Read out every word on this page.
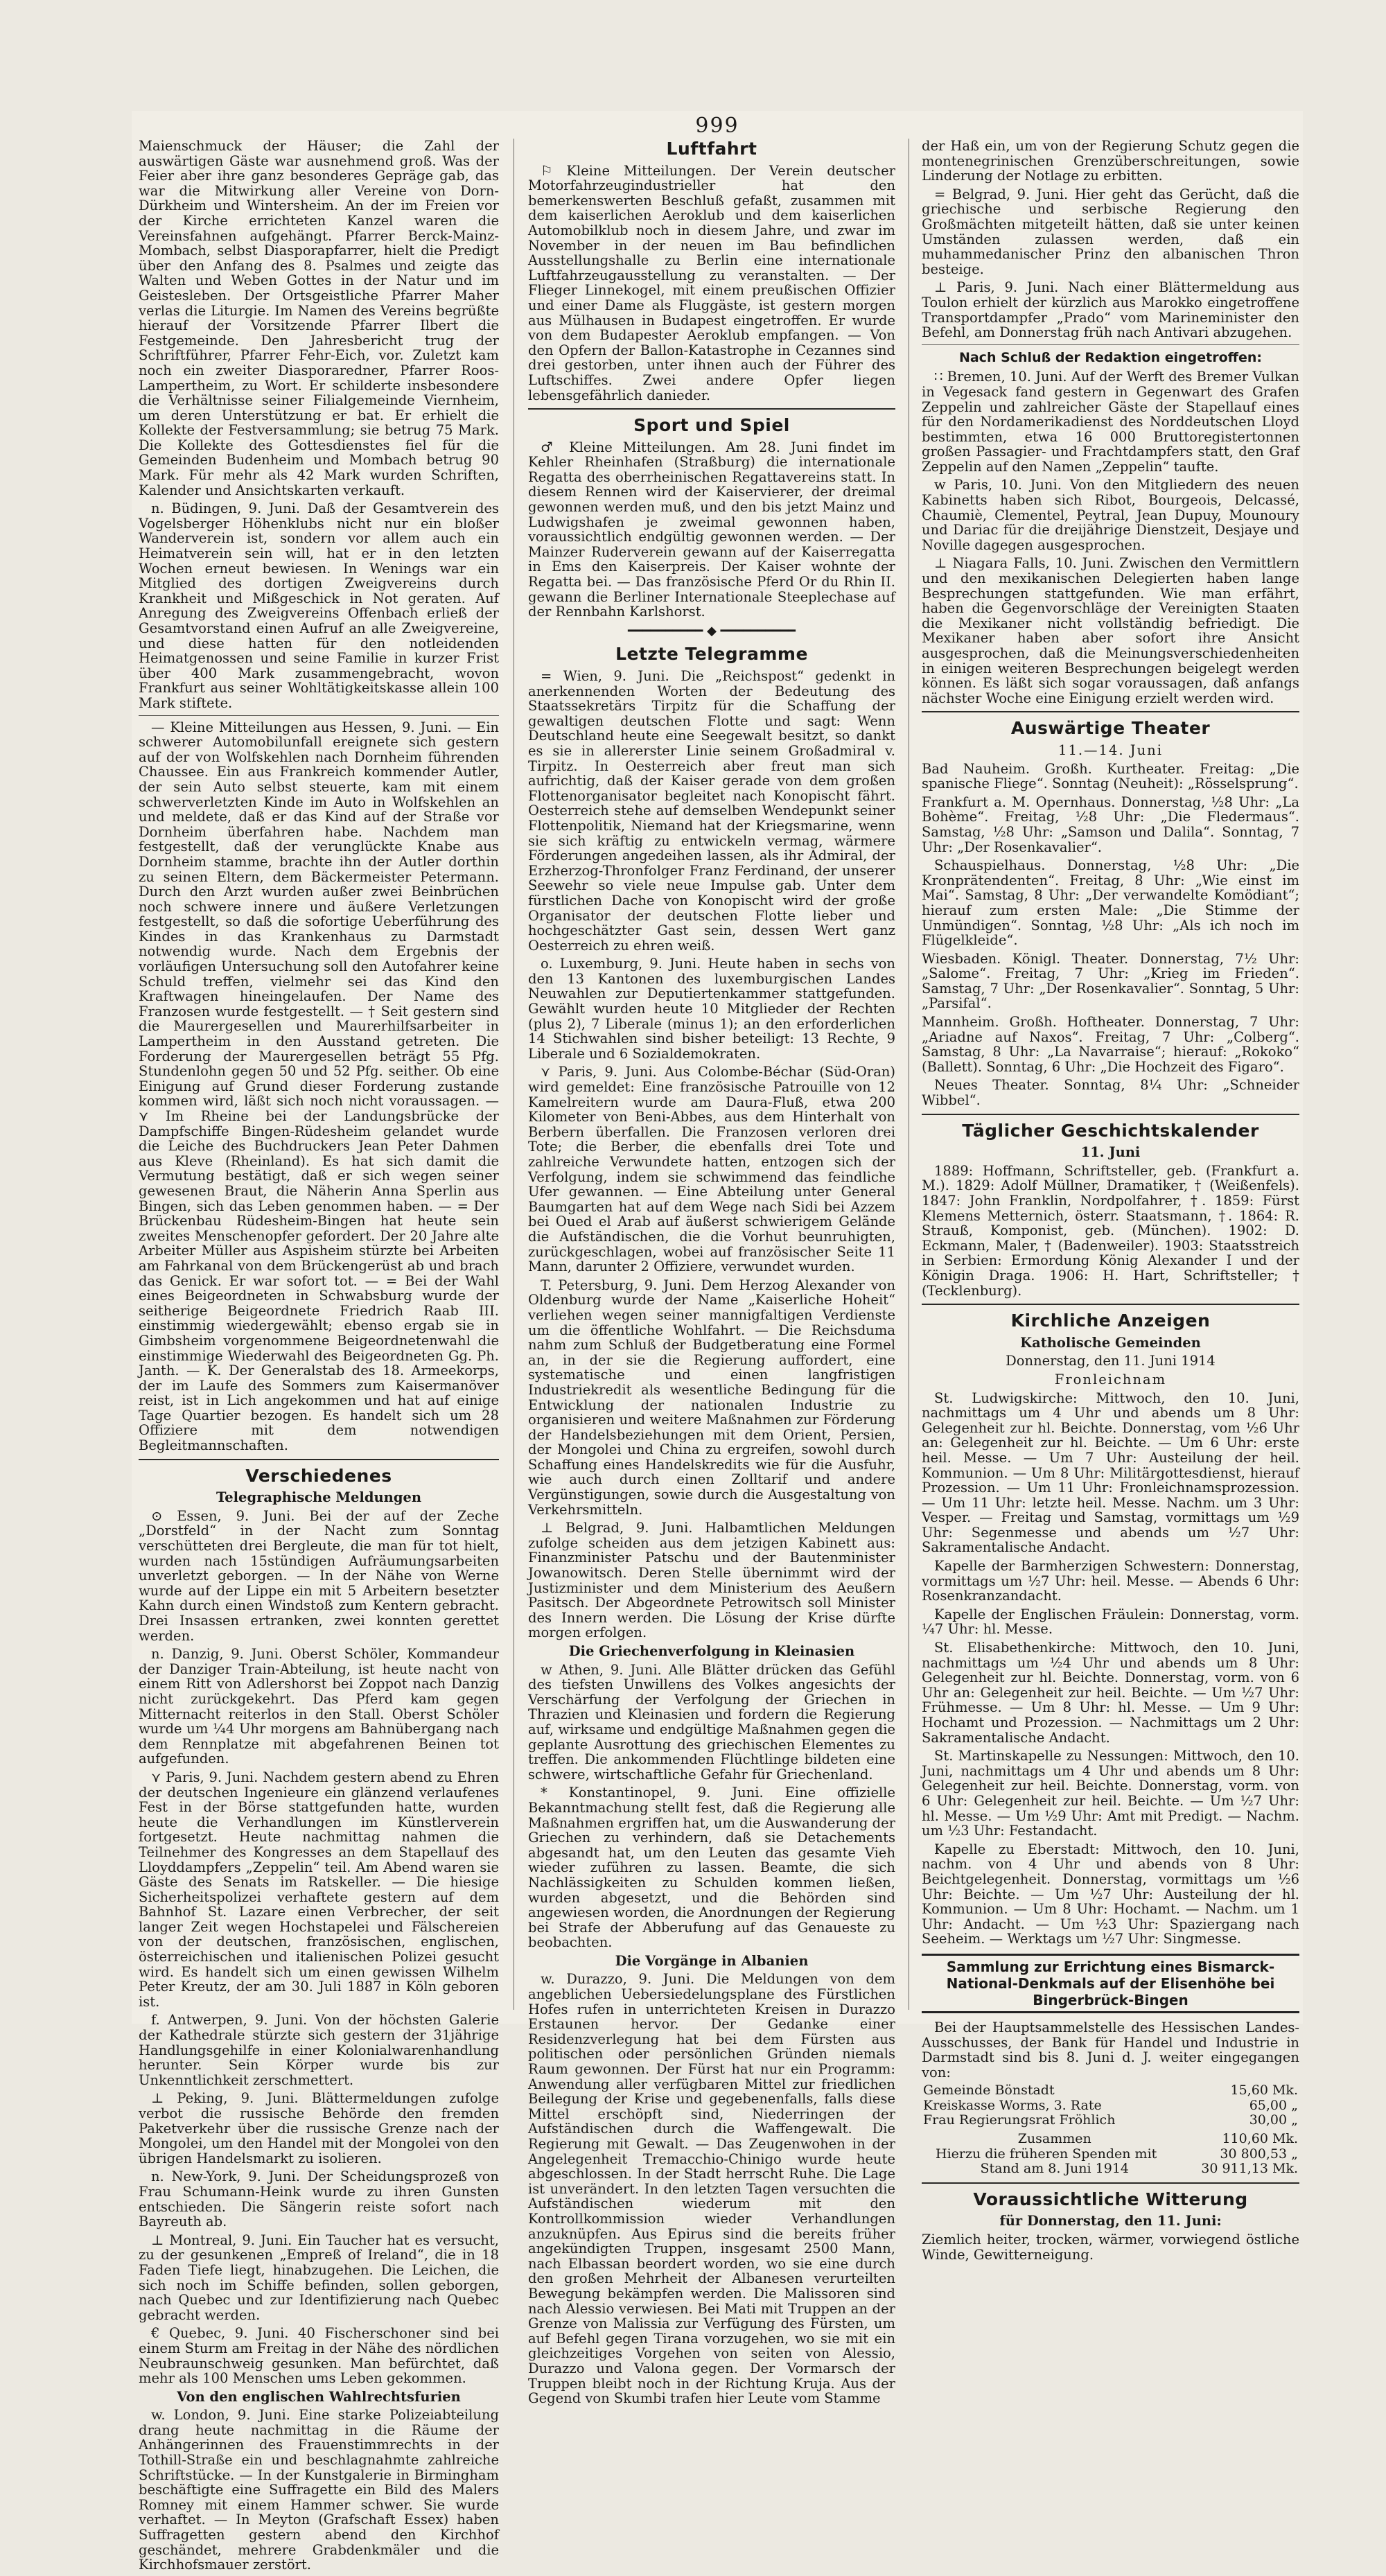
999

Maienschmuck der Häuser; die Zahl der auswärtigen Gäste war ausnehmend groß. Was der Feier aber ihre ganz besonderes Gepräge gab, das war die Mitwirkung aller Vereine von Dorn-Dürkheim und Wintersheim. An der im Freien vor der Kirche errichteten Kanzel waren die Vereinsfahnen aufgehängt. Pfarrer Berck-Mainz-Mombach, selbst Diasporapfarrer, hielt die Predigt über den Anfang des 8. Psalmes und zeigte das Walten und Weben Gottes in der Natur und im Geistesleben. Der Ortsgeistliche Pfarrer Maher verlas die Liturgie. Im Namen des Vereins begrüßte hierauf der Vorsitzende Pfarrer Ilbert die Festgemeinde. Den Jahresbericht trug der Schriftführer, Pfarrer Fehr-Eich, vor. Zuletzt kam noch ein zweiter Diasporaredner, Pfarrer Roos-Lampertheim, zu Wort. Er schilderte insbesondere die Verhältnisse seiner Filialgemeinde Viernheim, um deren Unterstützung er bat. Er erhielt die Kollekte der Festversammlung; sie betrug 75 Mark. Die Kollekte des Gottesdienstes fiel für die Gemeinden Budenheim und Mombach betrug 90 Mark. Für mehr als 42 Mark wurden Schriften, Kalender und Ansichtskarten verkauft.

n. Büdingen, 9. Juni. Daß der Gesamtverein des Vogelsberger Höhenklubs nicht nur ein bloßer Wanderverein ist, sondern vor allem auch ein Heimatverein sein will, hat er in den letzten Wochen erneut bewiesen. In Wenings war ein Mitglied des dortigen Zweigvereins durch Krankheit und Mißgeschick in Not geraten. Auf Anregung des Zweigvereins Offenbach erließ der Gesamtvorstand einen Aufruf an alle Zweigvereine, und diese hatten für den notleidenden Heimatgenossen und seine Familie in kurzer Frist über 400 Mark zusammengebracht, wovon Frankfurt aus seiner Wohltätigkeitskasse allein 100 Mark stiftete.

— Kleine Mitteilungen aus Hessen, 9. Juni. — Ein schwerer Automobilunfall ereignete sich gestern auf der von Wolfskehlen nach Dornheim führenden Chaussee. Ein aus Frankreich kommender Autler, der sein Auto selbst steuerte, kam mit einem schwerverletzten Kinde im Auto in Wolfskehlen an und meldete, daß er das Kind auf der Straße vor Dornheim überfahren habe. Nachdem man festgestellt, daß der verunglückte Knabe aus Dornheim stamme, brachte ihn der Autler dorthin zu seinen Eltern, dem Bäckermeister Petermann. Durch den Arzt wurden außer zwei Beinbrüchen noch schwere innere und äußere Verletzungen festgestellt, so daß die sofortige Ueberführung des Kindes in das Krankenhaus zu Darmstadt notwendig wurde. Nach dem Ergebnis der vorläufigen Untersuchung soll den Autofahrer keine Schuld treffen, vielmehr sei das Kind den Kraftwagen hineingelaufen. Der Name des Franzosen wurde festgestellt. — † Seit gestern sind die Maurergesellen und Maurerhilfsarbeiter in Lampertheim in den Ausstand getreten. Die Forderung der Maurergesellen beträgt 55 Pfg. Stundenlohn gegen 50 und 52 Pfg. seither. Ob eine Einigung auf Grund dieser Forderung zustande kommen wird, läßt sich noch nicht voraussagen. — ⋎ Im Rheine bei der Landungsbrücke der Dampfschiffe Bingen-Rüdesheim gelandet wurde die Leiche des Buchdruckers Jean Peter Dahmen aus Kleve (Rheinland). Es hat sich damit die Vermutung bestätigt, daß er sich wegen seiner gewesenen Braut, die Näherin Anna Sperlin aus Bingen, sich das Leben genommen haben. — = Der Brückenbau Rüdesheim-Bingen hat heute sein zweites Menschenopfer gefordert. Der 20 Jahre alte Arbeiter Müller aus Aspisheim stürzte bei Arbeiten am Fahrkanal von dem Brückengerüst ab und brach das Genick. Er war sofort tot. — = Bei der Wahl eines Beigeordneten in Schwabsburg wurde der seitherige Beigeordnete Friedrich Raab III. einstimmig wiedergewählt; ebenso ergab sie in Gimbsheim vorgenommene Beigeordnetenwahl die einstimmige Wiederwahl des Beigeordneten Gg. Ph. Janth. — K. Der Generalstab des 18. Armeekorps, der im Laufe des Sommers zum Kaisermanöver reist, ist in Lich angekommen und hat auf einige Tage Quartier bezogen. Es handelt sich um 28 Offiziere mit dem notwendigen Begleitmannschaften.

Verschiedenes
Telegraphische Meldungen

⊙ Essen, 9. Juni. Bei der auf der Zeche „Dorstfeld“ in der Nacht zum Sonntag verschütteten drei Bergleute, die man für tot hielt, wurden nach 15stündigen Aufräumungsarbeiten unverletzt geborgen. — In der Nähe von Werne wurde auf der Lippe ein mit 5 Arbeitern besetzter Kahn durch einen Windstoß zum Kentern gebracht. Drei Insassen ertranken, zwei konnten gerettet werden.

n. Danzig, 9. Juni. Oberst Schöler, Kommandeur der Danziger Train-Abteilung, ist heute nacht von einem Ritt von Adlershorst bei Zoppot nach Danzig nicht zurückgekehrt. Das Pferd kam gegen Mitternacht reiterlos in den Stall. Oberst Schöler wurde um ¼4 Uhr morgens am Bahnübergang nach dem Rennplatze mit abgefahrenen Beinen tot aufgefunden.

⋎ Paris, 9. Juni. Nachdem gestern abend zu Ehren der deutschen Ingenieure ein glänzend verlaufenes Fest in der Börse stattgefunden hatte, wurden heute die Verhandlungen im Künstlerverein fortgesetzt. Heute nachmittag nahmen die Teilnehmer des Kongresses an dem Stapellauf des Lloyddampfers „Zeppelin“ teil. Am Abend waren sie Gäste des Senats im Ratskeller. — Die hiesige Sicherheitspolizei verhaftete gestern auf dem Bahnhof St. Lazare einen Verbrecher, der seit langer Zeit wegen Hochstapelei und Fälschereien von der deutschen, französischen, englischen, österreichischen und italienischen Polizei gesucht wird. Es handelt sich um einen gewissen Wilhelm Peter Kreutz, der am 30. Juli 1887 in Köln geboren ist.

f. Antwerpen, 9. Juni. Von der höchsten Galerie der Kathedrale stürzte sich gestern der 31jährige Handlungsgehilfe in einer Kolonialwarenhandlung herunter. Sein Körper wurde bis zur Unkenntlichkeit zerschmettert.

⊥ Peking, 9. Juni. Blättermeldungen zufolge verbot die russische Behörde den fremden Paketverkehr über die russische Grenze nach der Mongolei, um den Handel mit der Mongolei von den übrigen Handelsmarkt zu isolieren.

n. New-York, 9. Juni. Der Scheidungsprozeß von Frau Schumann-Heink wurde zu ihren Gunsten entschieden. Die Sängerin reiste sofort nach Bayreuth ab.

⊥ Montreal, 9. Juni. Ein Taucher hat es versucht, zu der gesunkenen „Empreß of Ireland“, die in 18 Faden Tiefe liegt, hinabzugehen. Die Leichen, die sich noch im Schiffe befinden, sollen geborgen, nach Quebec und zur Identifizierung nach Quebec gebracht werden.

€ Quebec, 9. Juni. 40 Fischerschoner sind bei einem Sturm am Freitag in der Nähe des nördlichen Neubraunschweig gesunken. Man befürchtet, daß mehr als 100 Menschen ums Leben gekommen.

Von den englischen Wahlrechtsfurien

w. London, 9. Juni. Eine starke Polizeiabteilung drang heute nachmittag in die Räume der Anhängerinnen des Frauenstimmrechts in der Tothill-Straße ein und beschlagnahmte zahlreiche Schriftstücke. — In der Kunstgalerie in Birmingham beschäftigte eine Suffragette ein Bild des Malers Romney mit einem Hammer schwer. Sie wurde verhaftet. — In Meyton (Grafschaft Essex) haben Suffragetten gestern abend den Kirchhof geschändet, mehrere Grabdenkmäler und die Kirchhofsmauer zerstört.

Luftfahrt

⚐ Kleine Mitteilungen. Der Verein deutscher Motorfahrzeugindustrieller hat den bemerkenswerten Beschluß gefaßt, zusammen mit dem kaiserlichen Aeroklub und dem kaiserlichen Automobilklub noch in diesem Jahre, und zwar im November in der neuen im Bau befindlichen Ausstellungshalle zu Berlin eine internationale Luftfahrzeugausstellung zu veranstalten. — Der Flieger Linnekogel, mit einem preußischen Offizier und einer Dame als Fluggäste, ist gestern morgen aus Mülhausen in Budapest eingetroffen. Er wurde von dem Budapester Aeroklub empfangen. — Von den Opfern der Ballon-Katastrophe in Cezannes sind drei gestorben, unter ihnen auch der Führer des Luftschiffes. Zwei andere Opfer liegen lebensgefährlich danieder.

Sport und Spiel

♂ Kleine Mitteilungen. Am 28. Juni findet im Kehler Rheinhafen (Straßburg) die internationale Regatta des oberrheinischen Regattavereins statt. In diesem Rennen wird der Kaiservierer, der dreimal gewonnen werden muß, und den bis jetzt Mainz und Ludwigshafen je zweimal gewonnen haben, voraussichtlich endgültig gewonnen werden. — Der Mainzer Ruderverein gewann auf der Kaiserregatta in Ems den Kaiserpreis. Der Kaiser wohnte der Regatta bei. — Das französische Pferd Or du Rhin II. gewann die Berliner Internationale Steeplechase auf der Rennbahn Karlshorst.

━━━━━━━━━━ ◆ ━━━━━━━━━━
Letzte Telegramme

= Wien, 9. Juni. Die „Reichspost“ gedenkt in anerkennenden Worten der Bedeutung des Staatssekretärs Tirpitz für die Schaffung der gewaltigen deutschen Flotte und sagt: Wenn Deutschland heute eine Seegewalt besitzt, so dankt es sie in allererster Linie seinem Großadmiral v. Tirpitz. In Oesterreich aber freut man sich aufrichtig, daß der Kaiser gerade von dem großen Flottenorganisator begleitet nach Konopischt fährt. Oesterreich stehe auf demselben Wendepunkt seiner Flottenpolitik, Niemand hat der Kriegsmarine, wenn sie sich kräftig zu entwickeln vermag, wärmere Förderungen angedeihen lassen, als ihr Admiral, der Erzherzog-Thronfolger Franz Ferdinand, der unserer Seewehr so viele neue Impulse gab. Unter dem fürstlichen Dache von Konopischt wird der große Organisator der deutschen Flotte lieber und hochgeschätzter Gast sein, dessen Wert ganz Oesterreich zu ehren weiß.

o. Luxemburg, 9. Juni. Heute haben in sechs von den 13 Kantonen des luxemburgischen Landes Neuwahlen zur Deputiertenkammer stattgefunden. Gewählt wurden heute 10 Mitglieder der Rechten (plus 2), 7 Liberale (minus 1); an den erforderlichen 14 Stichwahlen sind bisher beteiligt: 13 Rechte, 9 Liberale und 6 Sozialdemokraten.

⋎ Paris, 9. Juni. Aus Colombe-Béchar (Süd-Oran) wird gemeldet: Eine französische Patrouille von 12 Kamelreitern wurde am Daura-Fluß, etwa 200 Kilometer von Beni-Abbes, aus dem Hinterhalt von Berbern überfallen. Die Franzosen verloren drei Tote; die Berber, die ebenfalls drei Tote und zahlreiche Verwundete hatten, entzogen sich der Verfolgung, indem sie schwimmend das feindliche Ufer gewannen. — Eine Abteilung unter General Baumgarten hat auf dem Wege nach Sidi bei Azzem bei Oued el Arab auf äußerst schwierigem Gelände die Aufständischen, die die Vorhut beunruhigten, zurückgeschlagen, wobei auf französischer Seite 11 Mann, darunter 2 Offiziere, verwundet wurden.

T. Petersburg, 9. Juni. Dem Herzog Alexander von Oldenburg wurde der Name „Kaiserliche Hoheit“ verliehen wegen seiner mannigfaltigen Verdienste um die öffentliche Wohlfahrt. — Die Reichsduma nahm zum Schluß der Budgetberatung eine Formel an, in der sie die Regierung auffordert, eine systematische und einen langfristigen Industriekredit als wesentliche Bedingung für die Entwicklung der nationalen Industrie zu organisieren und weitere Maßnahmen zur Förderung der Handelsbeziehungen mit dem Orient, Persien, der Mongolei und China zu ergreifen, sowohl durch Schaffung eines Handelskredits wie für die Ausfuhr, wie auch durch einen Zolltarif und andere Vergünstigungen, sowie durch die Ausgestaltung von Verkehrsmitteln.

⊥ Belgrad, 9. Juni. Halbamtlichen Meldungen zufolge scheiden aus dem jetzigen Kabinett aus: Finanzminister Patschu und der Bautenminister Jowanowitsch. Deren Stelle übernimmt wird der Justizminister und dem Ministerium des Aeußern Pasitsch. Der Abgeordnete Petrowitsch soll Minister des Innern werden. Die Lösung der Krise dürfte morgen erfolgen.

Die Griechenverfolgung in Kleinasien

w Athen, 9. Juni. Alle Blätter drücken das Gefühl des tiefsten Unwillens des Volkes angesichts der Verschärfung der Verfolgung der Griechen in Thrazien und Kleinasien und fordern die Regierung auf, wirksame und endgültige Maßnahmen gegen die geplante Ausrottung des griechischen Elementes zu treffen. Die ankommenden Flüchtlinge bildeten eine schwere, wirtschaftliche Gefahr für Griechenland.

* Konstantinopel, 9. Juni. Eine offizielle Bekanntmachung stellt fest, daß die Regierung alle Maßnahmen ergriffen hat, um die Auswanderung der Griechen zu verhindern, daß sie Detachements abgesandt hat, um den Leuten das gesamte Vieh wieder zuführen zu lassen. Beamte, die sich Nachlässigkeiten zu Schulden kommen ließen, wurden abgesetzt, und die Behörden sind angewiesen worden, die Anordnungen der Regierung bei Strafe der Abberufung auf das Genaueste zu beobachten.

Die Vorgänge in Albanien

w. Durazzo, 9. Juni. Die Meldungen von dem angeblichen Uebersiedelungsplane des Fürstlichen Hofes rufen in unterrichteten Kreisen in Durazzo Erstaunen hervor. Der Gedanke einer Residenzverlegung hat bei dem Fürsten aus politischen oder persönlichen Gründen niemals Raum gewonnen. Der Fürst hat nur ein Programm: Anwendung aller verfügbaren Mittel zur friedlichen Beilegung der Krise und gegebenenfalls, falls diese Mittel erschöpft sind, Niederringen der Aufständischen durch die Waffengewalt. Die Regierung mit Gewalt. — Das Zeugenwohen in der Angelegenheit Tremacchio-Chinigo wurde heute abgeschlossen. In der Stadt herrscht Ruhe. Die Lage ist unverändert. In den letzten Tagen versuchten die Aufständischen wiederum mit den Kontrollkommission wieder Verhandlungen anzuknüpfen. Aus Epirus sind die bereits früher angekündigten Truppen, insgesamt 2500 Mann, nach Elbassan beordert worden, wo sie eine durch den großen Mehrheit der Albanesen verurteilten Bewegung bekämpfen werden. Die Malissoren sind nach Alessio verwiesen. Bei Mati mit Truppen an der Grenze von Malissia zur Verfügung des Fürsten, um auf Befehl gegen Tirana vorzugehen, wo sie mit ein gleichzeitiges Vorgehen von seiten von Alessio, Durazzo und Valona gegen. Der Vormarsch der Truppen bleibt noch in der Richtung Kruja. Aus der Gegend von Skumbi trafen hier Leute vom Stamme

der Haß ein, um von der Regierung Schutz gegen die montenegrinischen Grenzüberschreitungen, sowie Linderung der Notlage zu erbitten.

= Belgrad, 9. Juni. Hier geht das Gerücht, daß die griechische und serbische Regierung den Großmächten mitgeteilt hätten, daß sie unter keinen Umständen zulassen werden, daß ein muhammedanischer Prinz den albanischen Thron besteige.

⊥ Paris, 9. Juni. Nach einer Blättermeldung aus Toulon erhielt der kürzlich aus Marokko eingetroffene Transportdampfer „Prado“ vom Marineminister den Befehl, am Donnerstag früh nach Antivari abzugehen.

Nach Schluß der Redaktion eingetroffen:

∷ Bremen, 10. Juni. Auf der Werft des Bremer Vulkan in Vegesack fand gestern in Gegenwart des Grafen Zeppelin und zahlreicher Gäste der Stapellauf eines für den Nordamerikadienst des Norddeutschen Lloyd bestimmten, etwa 16 000 Bruttoregistertonnen großen Passagier- und Frachtdampfers statt, den Graf Zeppelin auf den Namen „Zeppelin“ taufte.

w Paris, 10. Juni. Von den Mitgliedern des neuen Kabinetts haben sich Ribot, Bourgeois, Delcassé, Chaumiè, Clementel, Peytral, Jean Dupuy, Mounoury und Dariac für die dreijährige Dienstzeit, Desjaye und Noville dagegen ausgesprochen.

⊥ Niagara Falls, 10. Juni. Zwischen den Vermittlern und den mexikanischen Delegierten haben lange Besprechungen stattgefunden. Wie man erfährt, haben die Gegenvorschläge der Vereinigten Staaten die Mexikaner nicht vollständig befriedigt. Die Mexikaner haben aber sofort ihre Ansicht ausgesprochen, daß die Meinungsverschiedenheiten in einigen weiteren Besprechungen beigelegt werden können. Es läßt sich sogar voraussagen, daß anfangs nächster Woche eine Einigung erzielt werden wird.

Auswärtige Theater
11.—14. Juni

Bad Nauheim. Großh. Kurtheater. Freitag: „Die spanische Fliege“. Sonntag (Neuheit): „Rösselsprung“.

Frankfurt a. M. Opernhaus. Donnerstag, ½8 Uhr: „La Bohème“. Freitag, ½8 Uhr: „Die Fledermaus“. Samstag, ½8 Uhr: „Samson und Dalila“. Sonntag, 7 Uhr: „Der Rosenkavalier“.

Schauspielhaus. Donnerstag, ½8 Uhr: „Die Kronprätendenten“. Freitag, 8 Uhr: „Wie einst im Mai“. Samstag, 8 Uhr: „Der verwandelte Komödiant“; hierauf zum ersten Male: „Die Stimme der Unmündigen“. Sonntag, ½8 Uhr: „Als ich noch im Flügelkleide“.

Wiesbaden. Königl. Theater. Donnerstag, 7½ Uhr: „Salome“. Freitag, 7 Uhr: „Krieg im Frieden“. Samstag, 7 Uhr: „Der Rosenkavalier“. Sonntag, 5 Uhr: „Parsifal“.

Mannheim. Großh. Hoftheater. Donnerstag, 7 Uhr: „Ariadne auf Naxos“. Freitag, 7 Uhr: „Colberg“. Samstag, 8 Uhr: „La Navarraise“; hierauf: „Rokoko“ (Ballett). Sonntag, 6 Uhr: „Die Hochzeit des Figaro“.

Neues Theater. Sonntag, 8¼ Uhr: „Schneider Wibbel“.

Täglicher Geschichtskalender
11. Juni

1889: Hoffmann, Schriftsteller, geb. (Frankfurt a. M.). 1829: Adolf Müllner, Dramatiker, † (Weißenfels). 1847: John Franklin, Nordpolfahrer, †. 1859: Fürst Klemens Metternich, österr. Staatsmann, †. 1864: R. Strauß, Komponist, geb. (München). 1902: D. Eckmann, Maler, † (Badenweiler). 1903: Staatsstreich in Serbien: Ermordung König Alexander I und der Königin Draga. 1906: H. Hart, Schriftsteller; † (Tecklenburg).

Kirchliche Anzeigen
Katholische Gemeinden
Donnerstag, den 11. Juni 1914
Fronleichnam

St. Ludwigskirche: Mittwoch, den 10. Juni, nachmittags um 4 Uhr und abends um 8 Uhr: Gelegenheit zur hl. Beichte. Donnerstag, vom ½6 Uhr an: Gelegenheit zur hl. Beichte. — Um 6 Uhr: erste heil. Messe. — Um 7 Uhr: Austeilung der heil. Kommunion. — Um 8 Uhr: Militärgottesdienst, hierauf Prozession. — Um 11 Uhr: Fronleichnamsprozession. — Um 11 Uhr: letzte heil. Messe. Nachm. um 3 Uhr: Vesper. — Freitag und Samstag, vormittags um ½9 Uhr: Segenmesse und abends um ½7 Uhr: Sakramentalische Andacht.

Kapelle der Barmherzigen Schwestern: Donnerstag, vormittags um ½7 Uhr: heil. Messe. — Abends 6 Uhr: Rosenkranzandacht.

Kapelle der Englischen Fräulein: Donnerstag, vorm. ¼7 Uhr: hl. Messe.

St. Elisabethenkirche: Mittwoch, den 10. Juni, nachmittags um ½4 Uhr und abends um 8 Uhr: Gelegenheit zur hl. Beichte. Donnerstag, vorm. von 6 Uhr an: Gelegenheit zur heil. Beichte. — Um ½7 Uhr: Frühmesse. — Um 8 Uhr: hl. Messe. — Um 9 Uhr: Hochamt und Prozession. — Nachmittags um 2 Uhr: Sakramentalische Andacht.

St. Martinskapelle zu Nessungen: Mittwoch, den 10. Juni, nachmittags um 4 Uhr und abends um 8 Uhr: Gelegenheit zur heil. Beichte. Donnerstag, vorm. von 6 Uhr: Gelegenheit zur heil. Beichte. — Um ½7 Uhr: hl. Messe. — Um ½9 Uhr: Amt mit Predigt. — Nachm. um ½3 Uhr: Festandacht.

Kapelle zu Eberstadt: Mittwoch, den 10. Juni, nachm. von 4 Uhr und abends von 8 Uhr: Beichtgelegenheit. Donnerstag, vormittags um ½6 Uhr: Beichte. — Um ½7 Uhr: Austeilung der hl. Kommunion. — Um 8 Uhr: Hochamt. — Nachm. um 1 Uhr: Andacht. — Um ½3 Uhr: Spaziergang nach Seeheim. — Werktags um ½7 Uhr: Singmesse.

Sammlung zur Errichtung eines Bismarck-National-Denkmals auf der Elisenhöhe bei Bingerbrück-Bingen

Bei der Hauptsammelstelle des Hessischen Landes-Ausschusses, der Bank für Handel und Industrie in Darmstadt sind bis 8. Juni d. J. weiter eingegangen von:

Gemeinde Bönstadt	15,60 Mk.
Kreiskasse Worms, 3. Rate	65,00 „
Frau Regierungsrat Fröhlich	30,00 „
Zusammen	110,60 Mk.
Hierzu die früheren Spenden mit	30 800,53 „
Stand am 8. Juni 1914	30 911,13 Mk.
Voraussichtliche Witterung
für Donnerstag, den 11. Juni:

Ziemlich heiter, trocken, wärmer, vorwiegend östliche Winde, Gewitterneigung.
